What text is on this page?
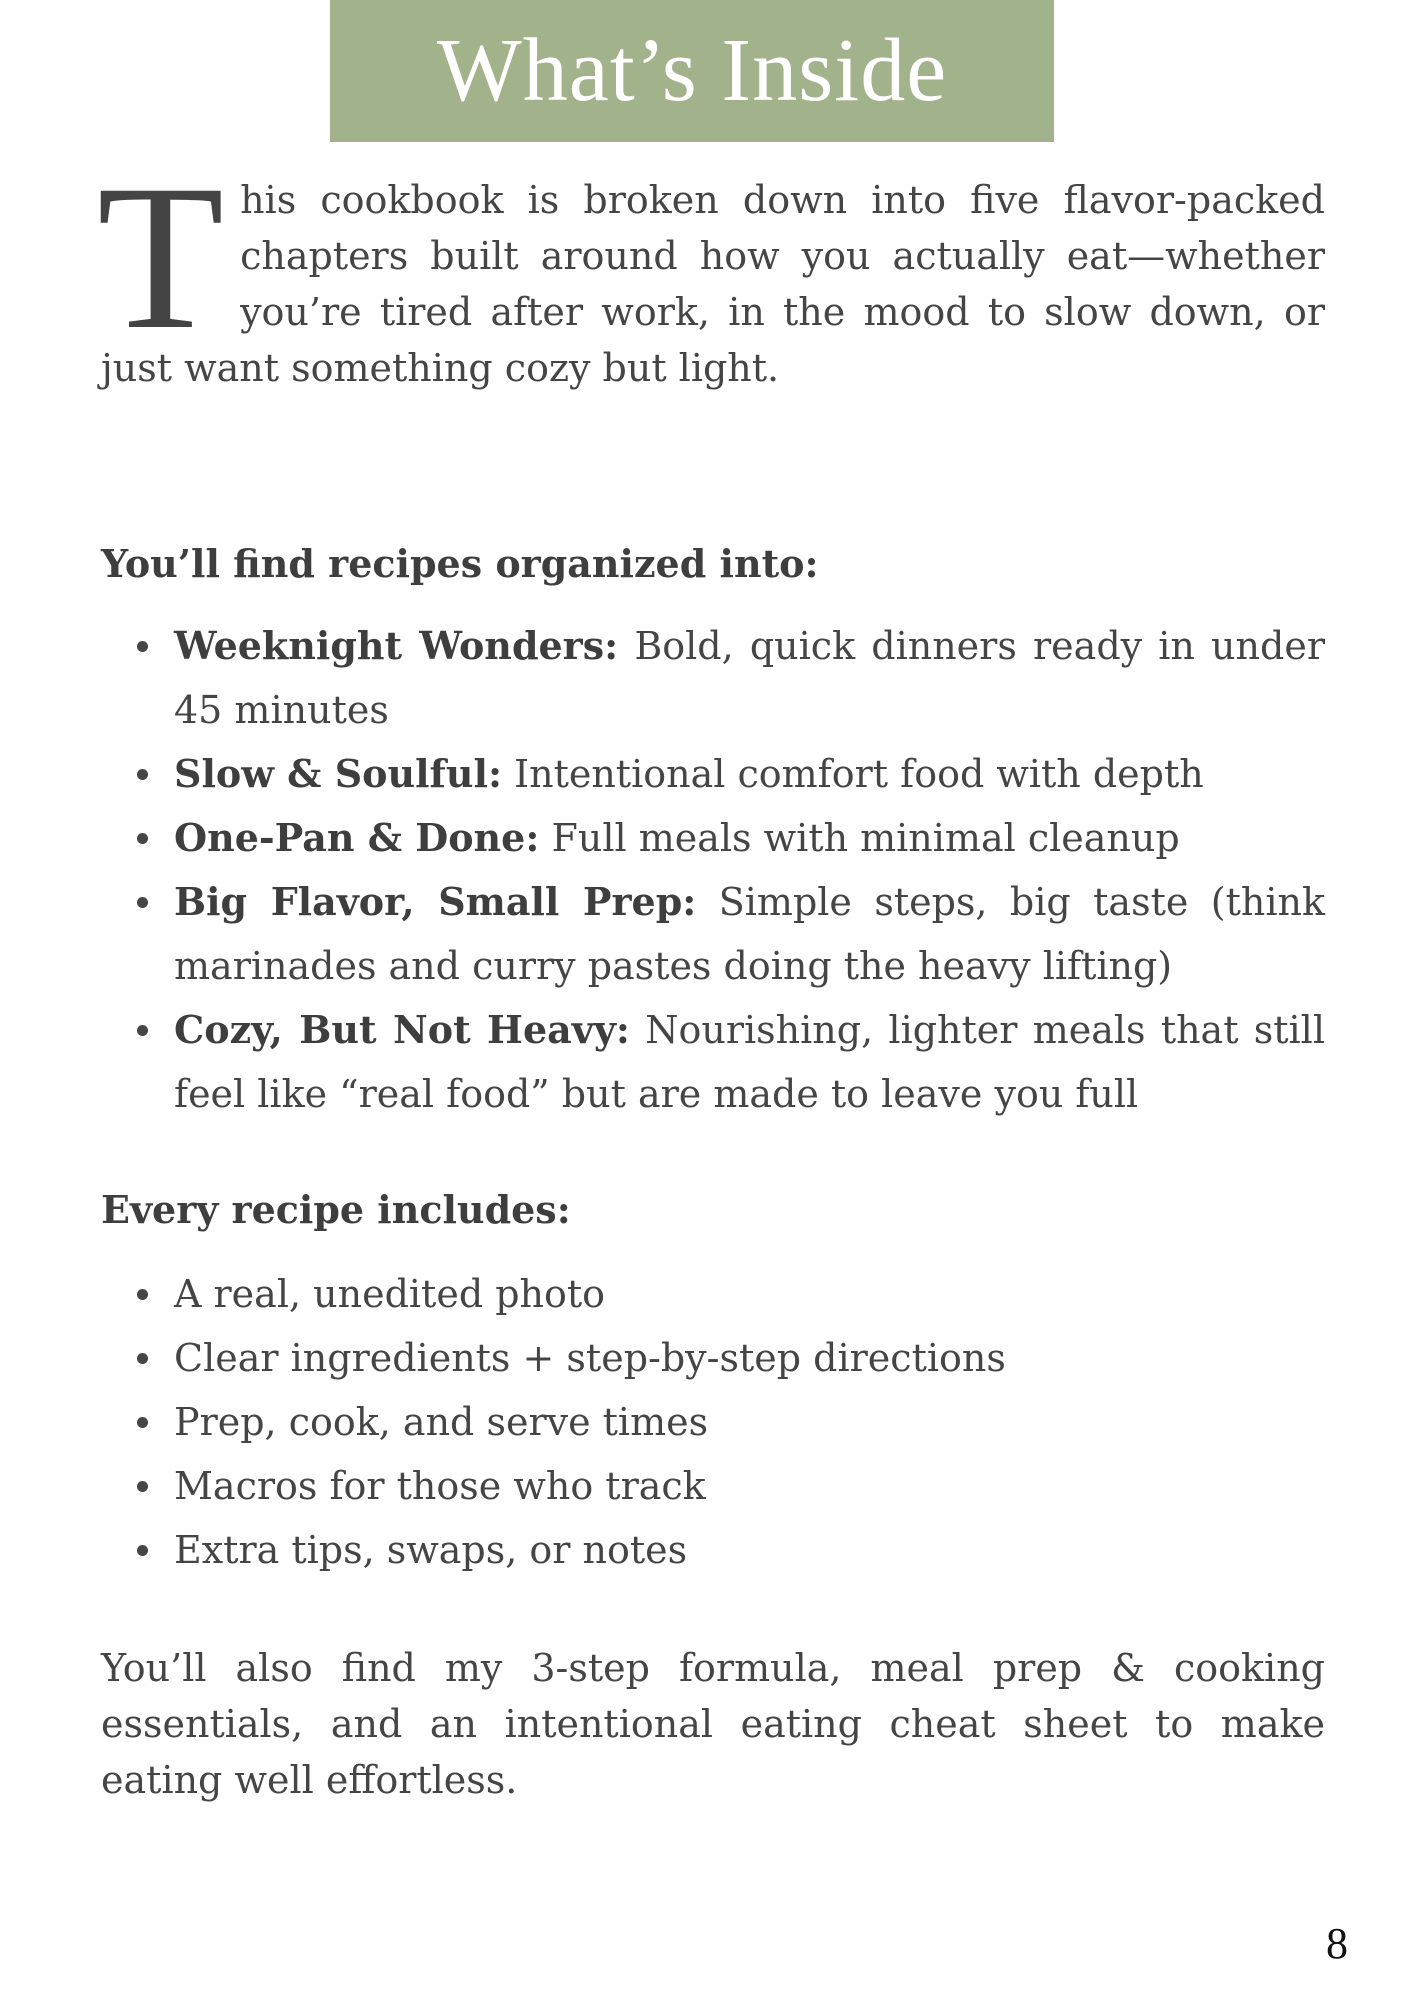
What’s Inside

T his cookbook is broken down into five flavor-packed chapters built around how you actually eat—whether you’re tired after work, in the mood to slow down, or just want something cozy but light.

You’ll find recipes organized into:
Weeknight Wonders: Bold, quick dinners ready in under 45 minutes
Slow & Soulful: Intentional comfort food with depth
One-Pan & Done: Full meals with minimal cleanup
Big Flavor, Small Prep: Simple steps, big taste (think marinades and curry pastes doing the heavy lifting)
Cozy, But Not Heavy: Nourishing, lighter meals that still feel like “real food” but are made to leave you full
Every recipe includes:
A real, unedited photo
Clear ingredients + step-by-step directions
Prep, cook, and serve times
Macros for those who track
Extra tips, swaps, or notes

You’ll also find my 3-step formula, meal prep & cooking essentials, and an intentional eating cheat sheet to make eating well effortless.

8
